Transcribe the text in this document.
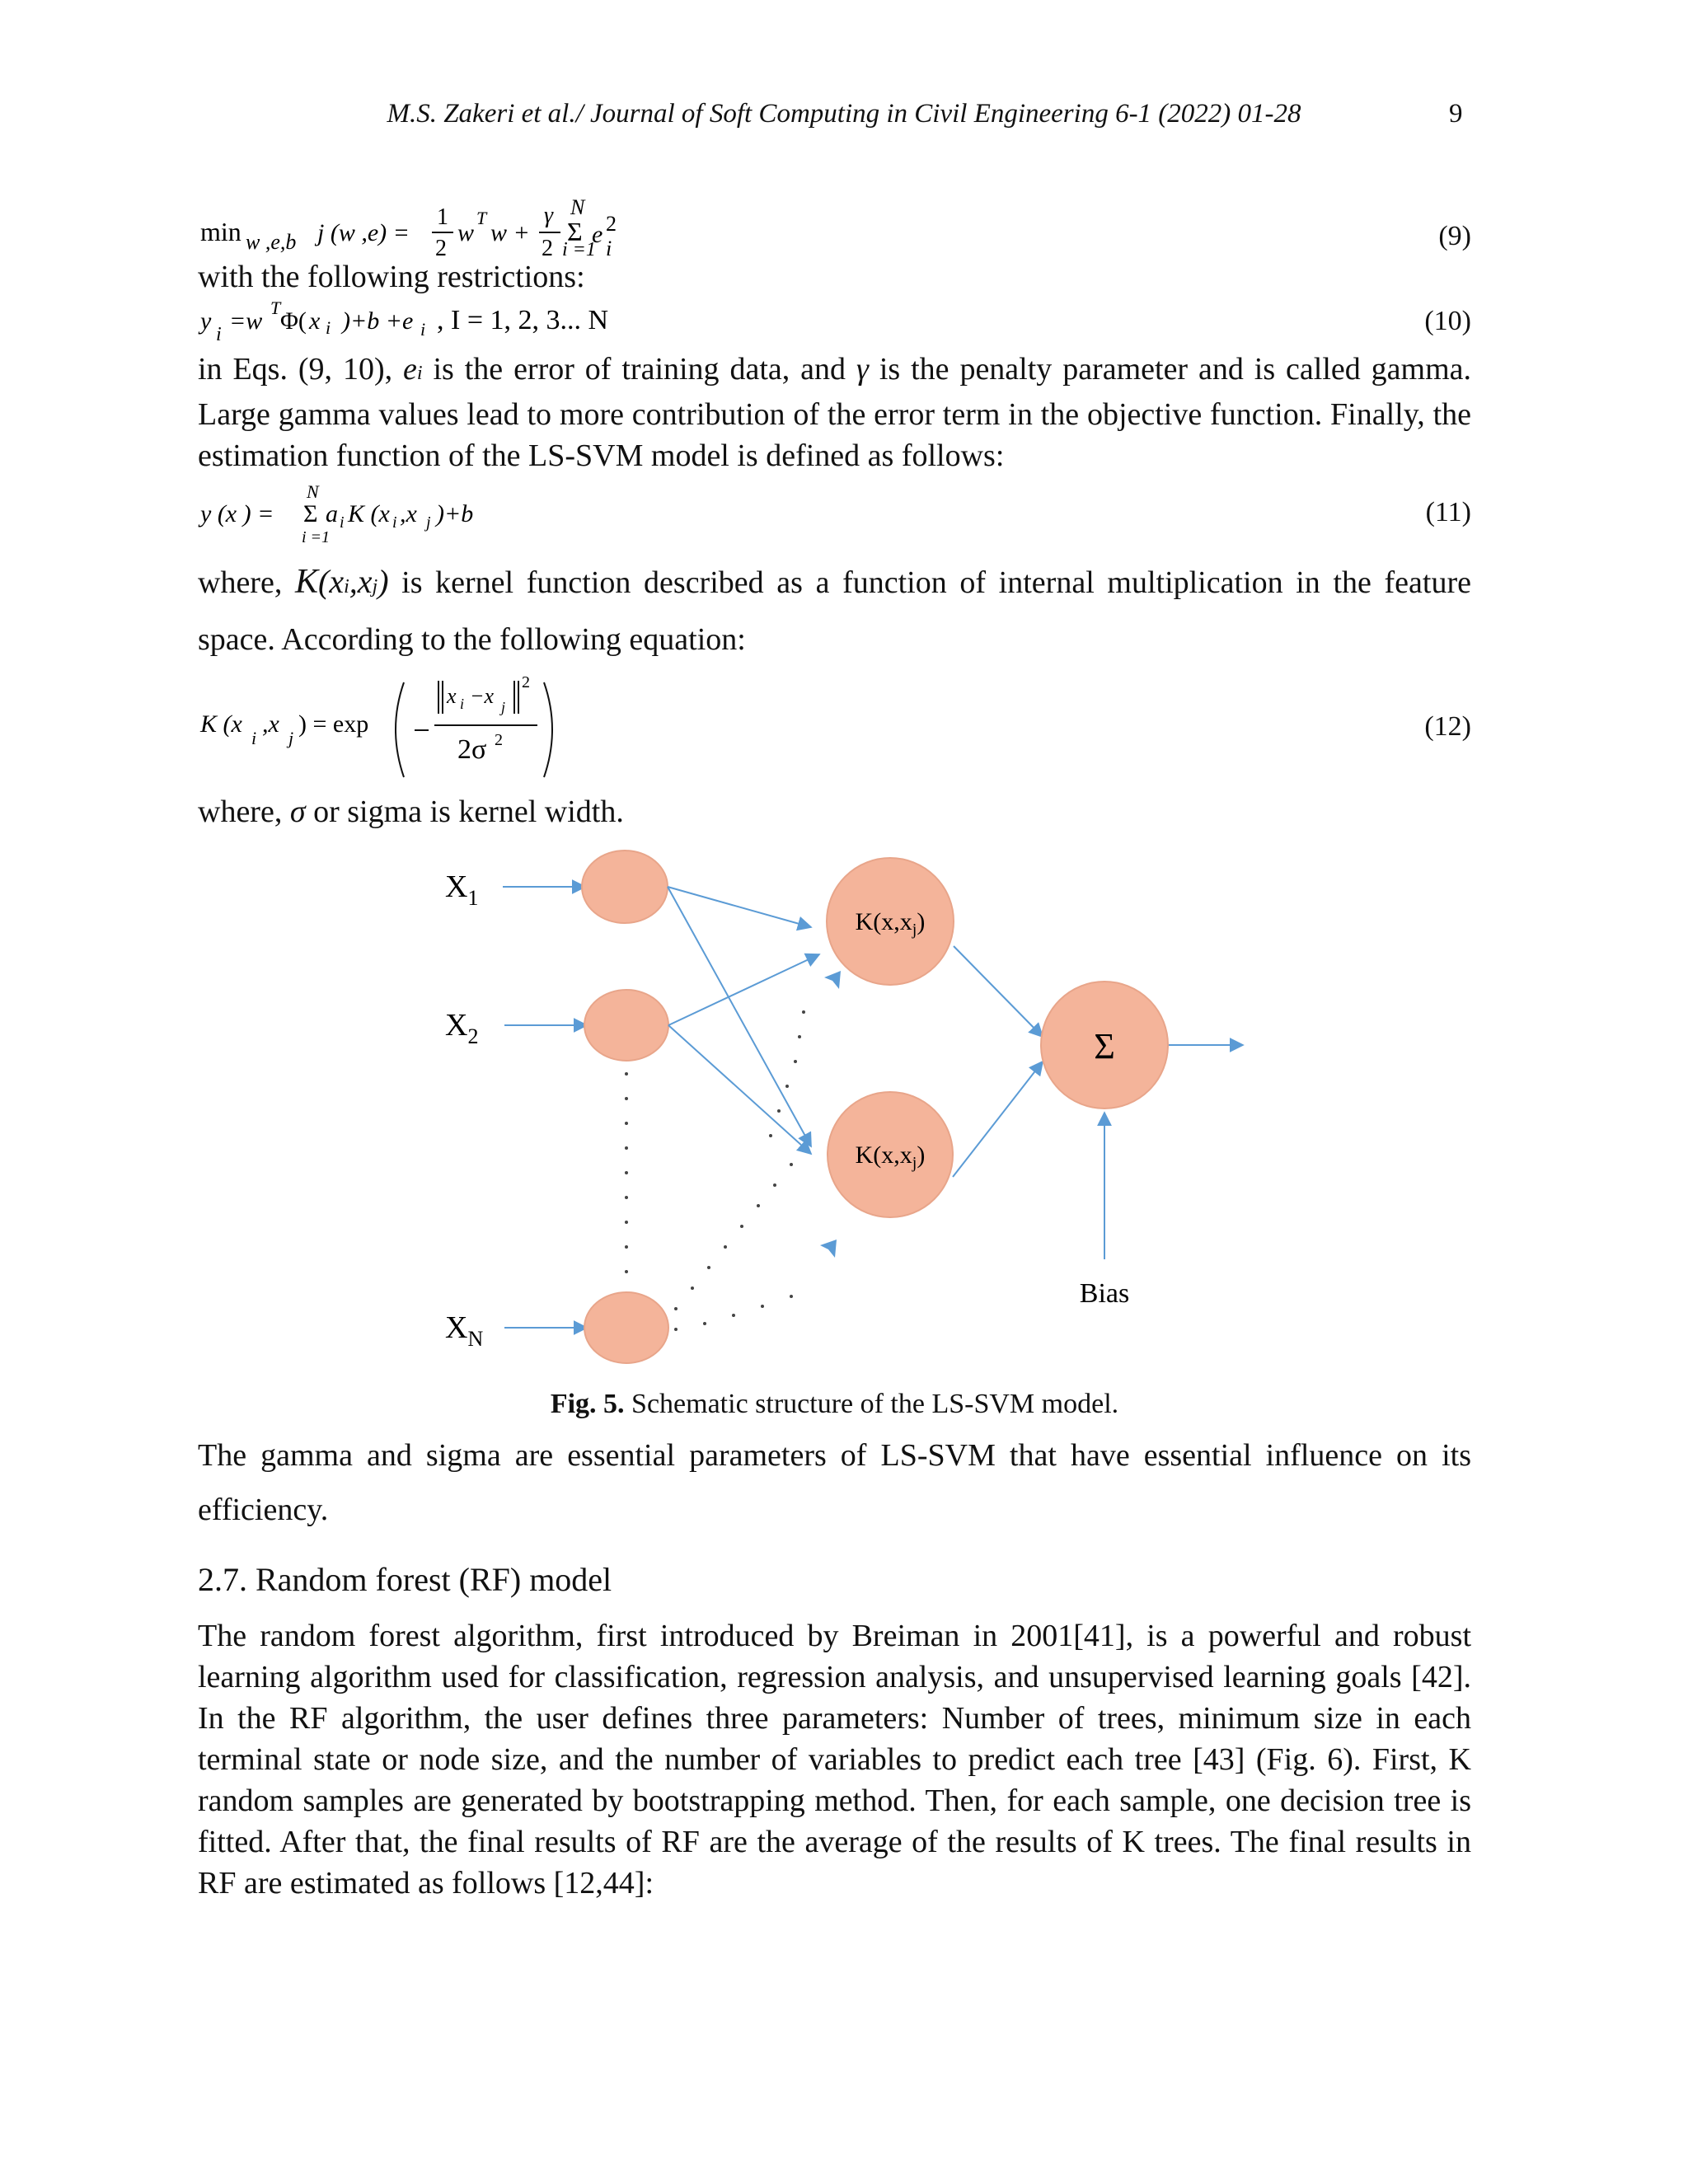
M.S. Zakeri et al./ Journal of Soft Computing in Civil Engineering 6-1 (2022) 01-28	9
min w ,e,b j (w ,e) =
1
2
w
T
w +
γ
2
N
Σ
i =1
e 2
i	(9)

with the following restrictions:

y i =w T Φ( x i )+b +e i , I = 1, 2, 3... N	(10)

in Eqs. (9, 10), ei is the error of training data, and γ is the penalty parameter and is called gamma. Large gamma values lead to more contribution of the error term in the objective function. Finally, the estimation function of the LS-SVM model is defined as follows:

N
y (x ) = Σ
i =1
a i K (x i ,x j )+b	(11)

where, K(xi,xj) is kernel function described as a function of internal multiplication in the feature space. According to the following equation:

K (x
i
,x
j
) = exp
x i −x j
2
2σ 2	(12)

where, σ or sigma is kernel width.

$X_1$
$X_2$
$X_N$
$K(x,x_j)$
$K(x,x_j)$
Σ
Bias

Fig. 5. Schematic structure of the LS-SVM model.

The gamma and sigma are essential parameters of LS-SVM that have essential influence on its efficiency.

2.7. Random forest (RF) model

The random forest algorithm, first introduced by Breiman in 2001[41], is a powerful and robust learning algorithm used for classification, regression analysis, and unsupervised learning goals [42]. In the RF algorithm, the user defines three parameters: Number of trees, minimum size in each terminal state or node size, and the number of variables to predict each tree [43] (Fig. 6). First, K random samples are generated by bootstrapping method. Then, for each sample, one decision tree is fitted. After that, the final results of RF are the average of the results of K trees. The final results in RF are estimated as follows [12,44]:
